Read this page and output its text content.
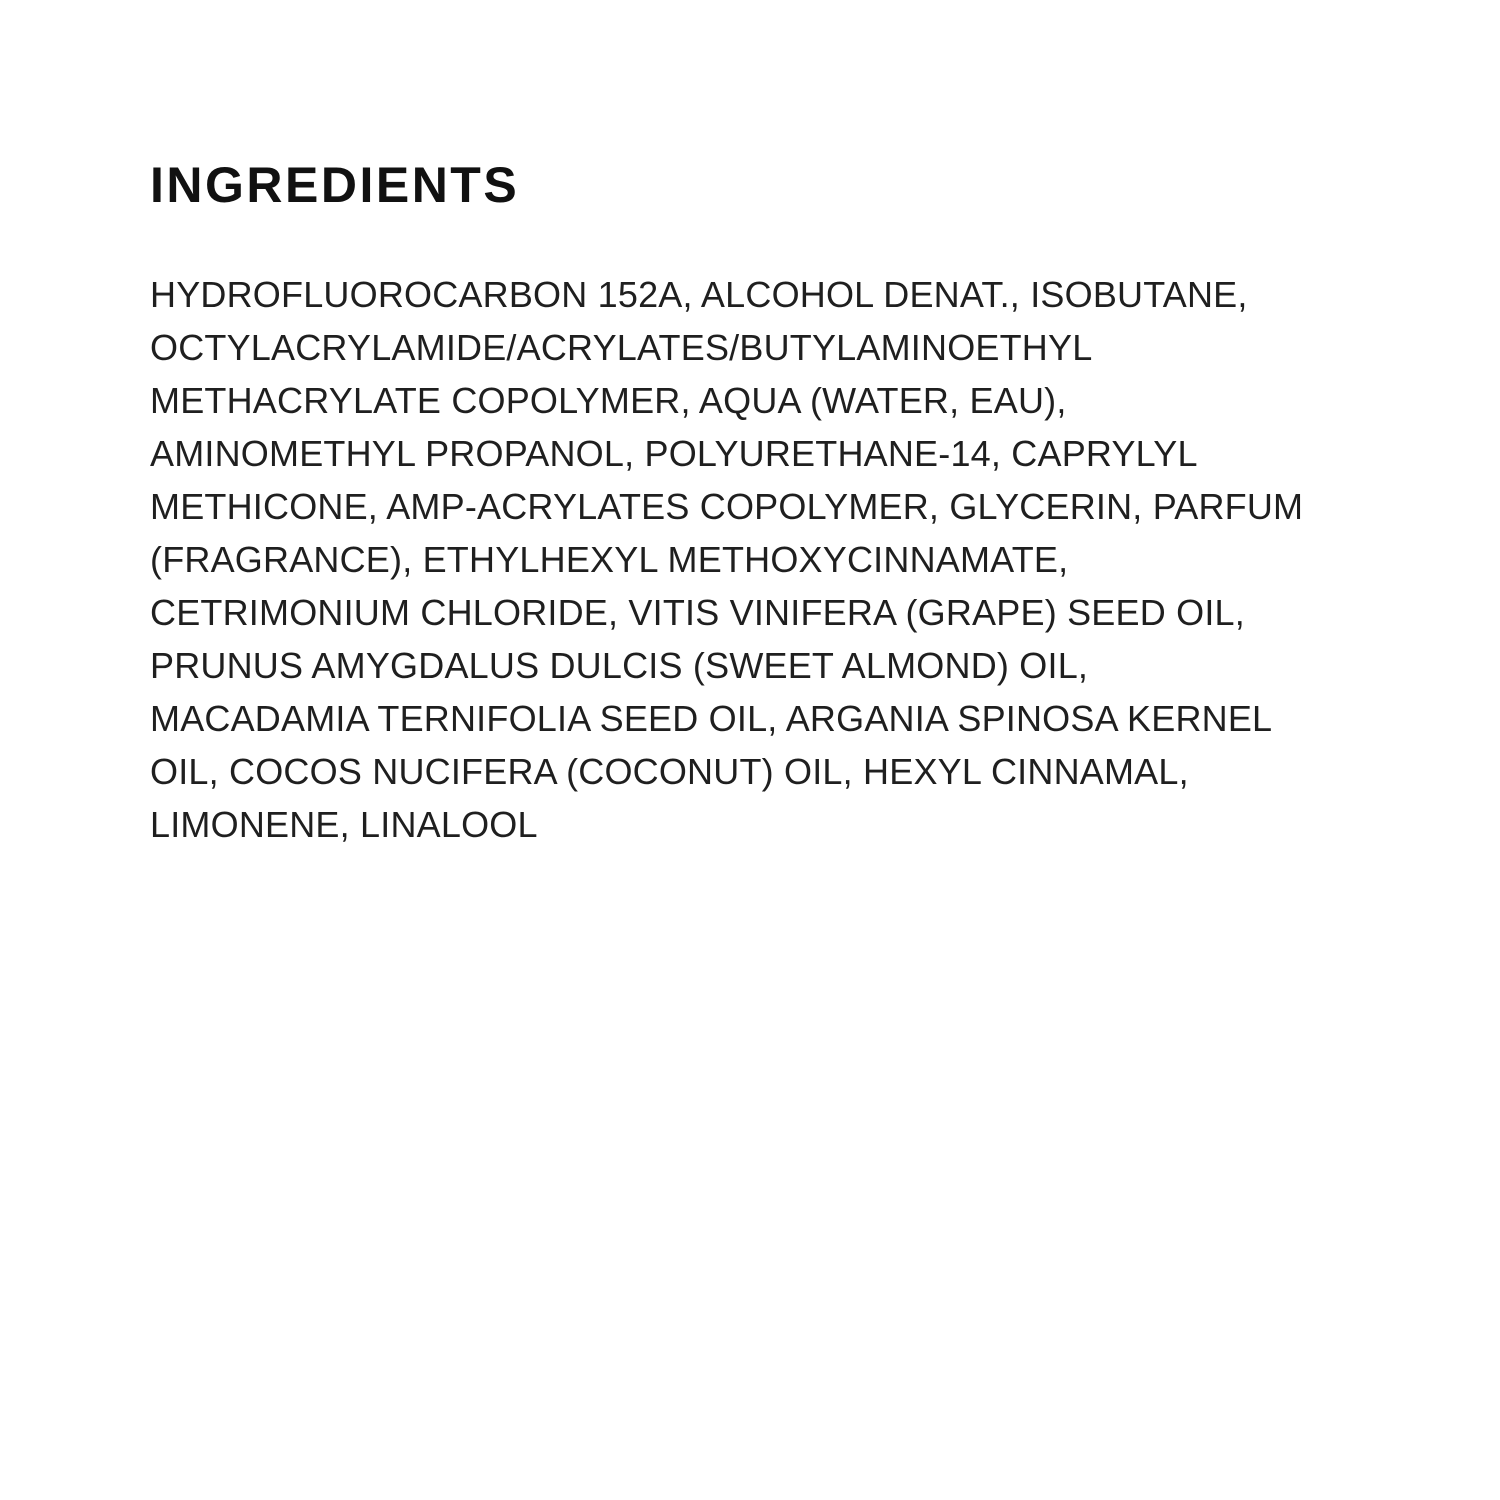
INGREDIENTS
HYDROFLUOROCARBON 152A, ALCOHOL DENAT., ISOBUTANE,
OCTYLACRYLAMIDE/ACRYLATES/BUTYLAMINOETHYL
METHACRYLATE COPOLYMER, AQUA (WATER, EAU),
AMINOMETHYL PROPANOL, POLYURETHANE-14, CAPRYLYL
METHICONE, AMP-ACRYLATES COPOLYMER, GLYCERIN, PARFUM
(FRAGRANCE), ETHYLHEXYL METHOXYCINNAMATE,
CETRIMONIUM CHLORIDE, VITIS VINIFERA (GRAPE) SEED OIL,
PRUNUS AMYGDALUS DULCIS (SWEET ALMOND) OIL,
MACADAMIA TERNIFOLIA SEED OIL, ARGANIA SPINOSA KERNEL
OIL, COCOS NUCIFERA (COCONUT) OIL, HEXYL CINNAMAL,
LIMONENE, LINALOOL
